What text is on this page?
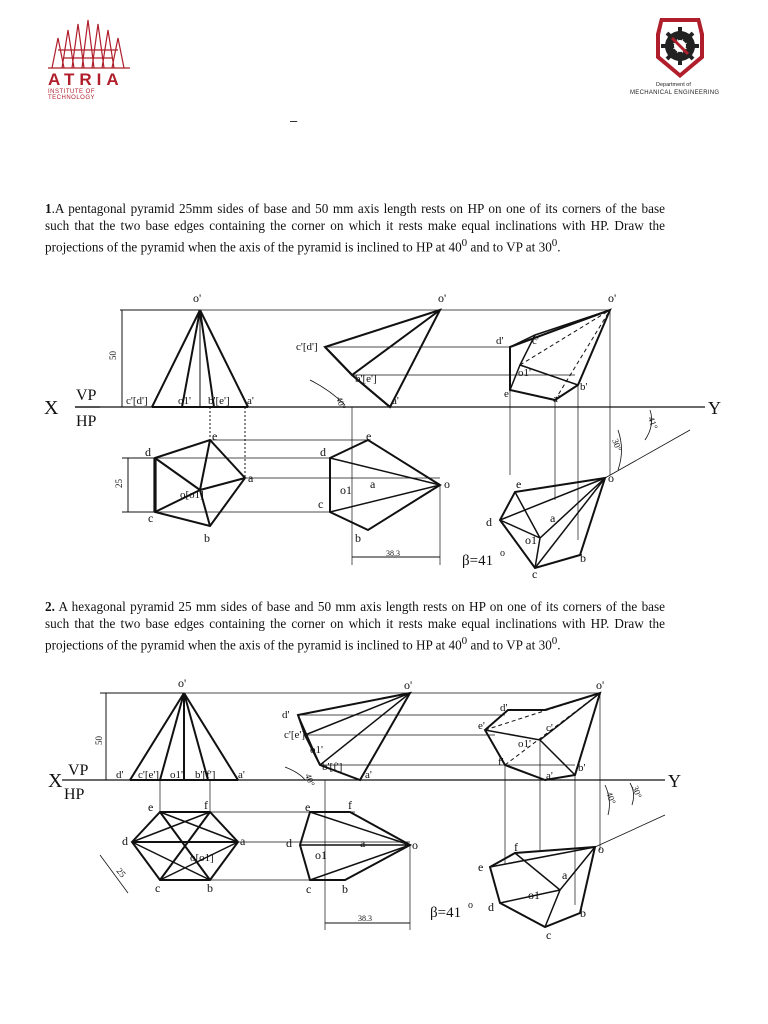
ATRIA
INSTITUTE OF TECHNOLOGY
Department of
MECHANICAL ENGINEERING
–
1.A pentagonal pyramid 25mm sides of base and 50 mm axis length rests on HP on one of its corners of the base such that the two base edges containing the corner on which it rests make equal inclinations with HP. Draw the projections of the pyramid when the axis of the pyramid is inclined to HP at $40^0$ and to VP at $30^0$.
X	Y
VP
HP
o'
c'[d']	o1' b'[e'] a'
50
25
e
d
a
c
b
o[o1]
o'
c'[d']
b'[e']
a'
40°
e
d
a
o1	o
c
b
38.3	β=41 o
o'
d'	c'
o1'
e'
b'
a'
30°
41°
e	o
d	a
o1
b
c
2. A hexagonal pyramid 25 mm sides of base and 50 mm axis length rests on HP on one of its corners of the base such that the two base edges containing the corner on which it rests make equal inclinations with HP. Draw the projections of the pyramid when the axis of the pyramid is inclined to HP at $40^0$ and to VP at $30^0$.
X	Y
VP
HP
o'
d' c'[e'] o1' b'[f'] a'
50
25
e	f
d	a
o[o1]
c	b
o'
d'
c'[e']
o1'
b'[f']
a'
40°
e	f
d	a
o1
o
c	b
38.3	β=41 o
o'
d'
e'	c'
o1'
f'	b'
a'
40° 30°
f	o
e
a
o1
d	b
c
